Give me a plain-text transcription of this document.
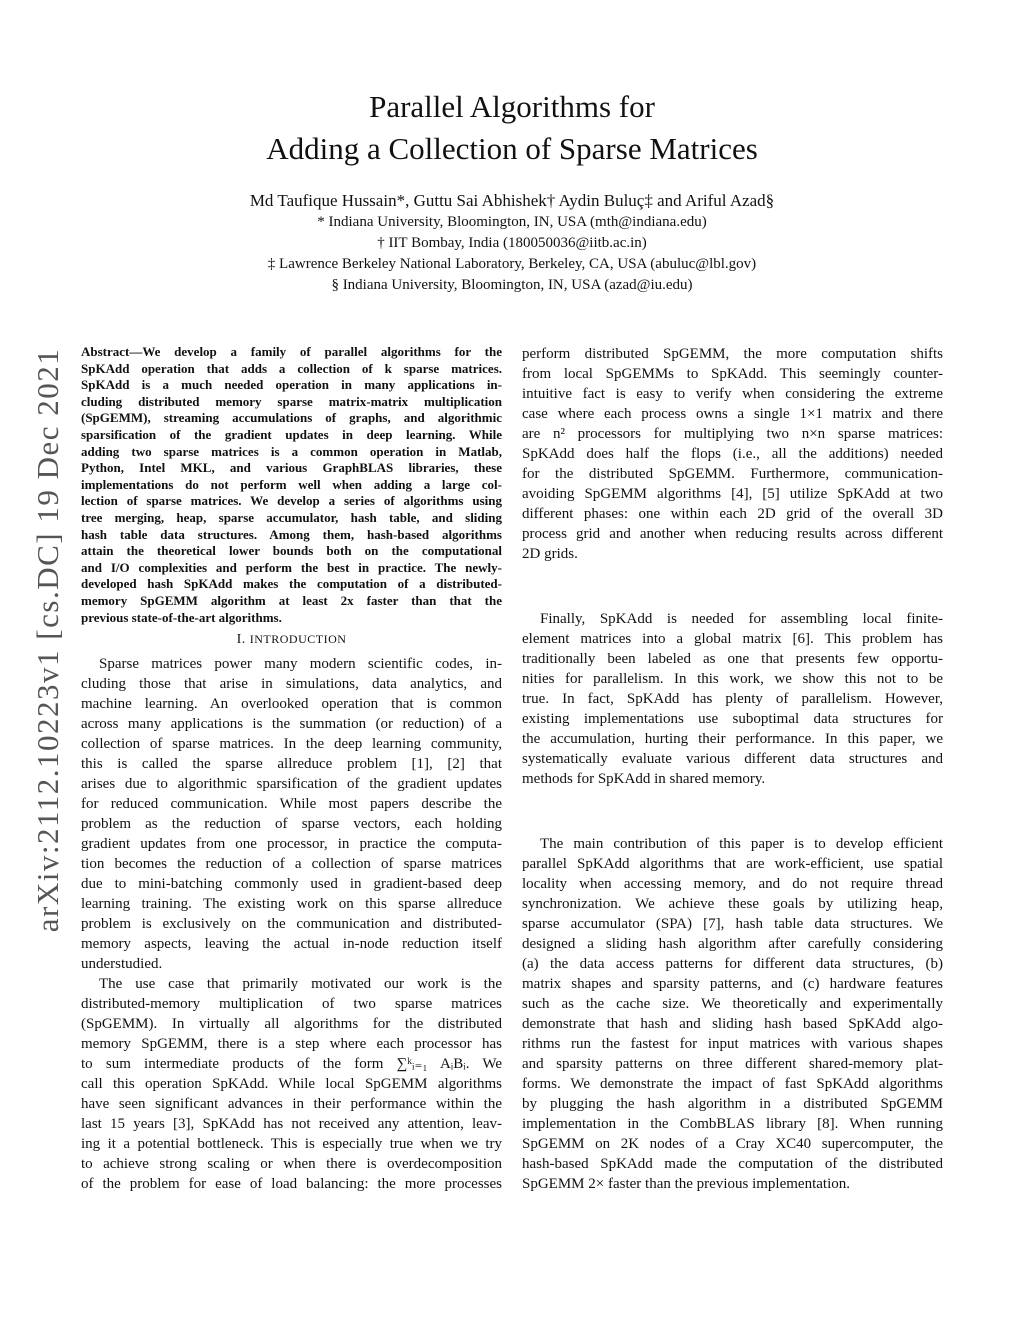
arXiv:2112.10223v1 [cs.DC] 19 Dec 2021
Parallel Algorithms for
Adding a Collection of Sparse Matrices
Md Taufique Hussain*, Guttu Sai Abhishek† Aydin Buluç‡ and Ariful Azad§
* Indiana University, Bloomington, IN, USA (mth@indiana.edu)
† IIT Bombay, India (180050036@iitb.ac.in)
‡ Lawrence Berkeley National Laboratory, Berkeley, CA, USA (abuluc@lbl.gov)
§ Indiana University, Bloomington, IN, USA (azad@iu.edu)
Abstract—We develop a family of parallel algorithms for the
SpKAdd operation that adds a collection of k sparse matrices.
SpKAdd is a much needed operation in many applications in-
cluding distributed memory sparse matrix-matrix multiplication
(SpGEMM), streaming accumulations of graphs, and algorithmic
sparsification of the gradient updates in deep learning. While
adding two sparse matrices is a common operation in Matlab,
Python, Intel MKL, and various GraphBLAS libraries, these
implementations do not perform well when adding a large col-
lection of sparse matrices. We develop a series of algorithms using
tree merging, heap, sparse accumulator, hash table, and sliding
hash table data structures. Among them, hash-based algorithms
attain the theoretical lower bounds both on the computational
and I/O complexities and perform the best in practice. The newly-
developed hash SpKAdd makes the computation of a distributed-
memory SpGEMM algorithm at least 2x faster than that the
previous state-of-the-art algorithms.
I. INTRODUCTION
Sparse matrices power many modern scientific codes, in-
cluding those that arise in simulations, data analytics, and
machine learning. An overlooked operation that is common
across many applications is the summation (or reduction) of a
collection of sparse matrices. In the deep learning community,
this is called the sparse allreduce problem [1], [2] that
arises due to algorithmic sparsification of the gradient updates
for reduced communication. While most papers describe the
problem as the reduction of sparse vectors, each holding
gradient updates from one processor, in practice the computa-
tion becomes the reduction of a collection of sparse matrices
due to mini-batching commonly used in gradient-based deep
learning training. The existing work on this sparse allreduce
problem is exclusively on the communication and distributed-
memory aspects, leaving the actual in-node reduction itself
understudied.
The use case that primarily motivated our work is the
distributed-memory multiplication of two sparse matrices
(SpGEMM). In virtually all algorithms for the distributed
memory SpGEMM, there is a step where each processor has
to sum intermediate products of the form ∑ᵏᵢ₌₁ AᵢBᵢ. We
call this operation SpKAdd. While local SpGEMM algorithms
have seen significant advances in their performance within the
last 15 years [3], SpKAdd has not received any attention, leav-
ing it a potential bottleneck. This is especially true when we try
to achieve strong scaling or when there is overdecomposition
of the problem for ease of load balancing: the more processes
perform distributed SpGEMM, the more computation shifts
from local SpGEMMs to SpKAdd. This seemingly counter-
intuitive fact is easy to verify when considering the extreme
case where each process owns a single 1×1 matrix and there
are n² processors for multiplying two n×n sparse matrices:
SpKAdd does half the flops (i.e., all the additions) needed
for the distributed SpGEMM. Furthermore, communication-
avoiding SpGEMM algorithms [4], [5] utilize SpKAdd at two
different phases: one within each 2D grid of the overall 3D
process grid and another when reducing results across different
2D grids.
Finally, SpKAdd is needed for assembling local finite-
element matrices into a global matrix [6]. This problem has
traditionally been labeled as one that presents few opportu-
nities for parallelism. In this work, we show this not to be
true. In fact, SpKAdd has plenty of parallelism. However,
existing implementations use suboptimal data structures for
the accumulation, hurting their performance. In this paper, we
systematically evaluate various different data structures and
methods for SpKAdd in shared memory.
The main contribution of this paper is to develop efficient
parallel SpKAdd algorithms that are work-efficient, use spatial
locality when accessing memory, and do not require thread
synchronization. We achieve these goals by utilizing heap,
sparse accumulator (SPA) [7], hash table data structures. We
designed a sliding hash algorithm after carefully considering
(a) the data access patterns for different data structures, (b)
matrix shapes and sparsity patterns, and (c) hardware features
such as the cache size. We theoretically and experimentally
demonstrate that hash and sliding hash based SpKAdd algo-
rithms run the fastest for input matrices with various shapes
and sparsity patterns on three different shared-memory plat-
forms. We demonstrate the impact of fast SpKAdd algorithms
by plugging the hash algorithm in a distributed SpGEMM
implementation in the CombBLAS library [8]. When running
SpGEMM on 2K nodes of a Cray XC40 supercomputer, the
hash-based SpKAdd made the computation of the distributed
SpGEMM 2× faster than the previous implementation.
